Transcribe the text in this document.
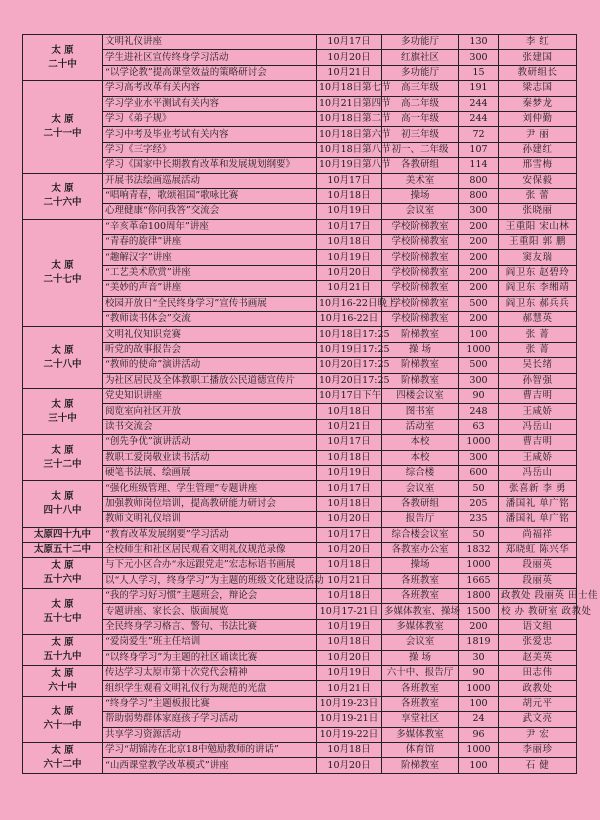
太 原
二十中	文明礼仪讲座	10月17日	多功能厅	130	李 红
	学生进社区宣传终身学习活动	10月20日	红旗社区	300	张建国
	“以学论教”提高课堂效益的策略研讨会	10月21日	多功能厅	15	教研组长

太 原
二十一中	学习高考改革有关内容	10月18日第七节	高三年级	191	梁志国
	学习学业水平测试有关内容	10月21日第四节	高二年级	244	秦梦龙
	学习《弟子规》	10月18日第二节	高一年级	244	刘仲勤
	学习中考及毕业考试有关内容	10月18日第六节	初三年级	72	尹 丽
	学习《三字经》	10月18日第八节	初一、二年级	107	孙建红
	学习《国家中长期教育改革和发展规划纲要》	10月19日第八节	各教研组	114	邢雪梅

太 原
二十六中	开展书法绘画巡展活动	10月17日	美术室	800	安保毅
	“唱响青春，歌颂祖国”歌咏比赛	10月18日	操场	800	张 蕾
	心理健康“你问我答”交流会	10月19日	会议室	300	张晓丽

太 原
二十七中	“辛亥革命100周年”讲座	10月17日	学校阶梯教室	200	王重阳 宋山林
	“青春的旋律”讲座	10月18日	学校阶梯教室	200	王重阳 郭 鹏
	“趣解汉字”讲座	10月19日	学校阶梯教室	200	窦友瑞
	“工艺美术欣赏”讲座	10月20日	学校阶梯教室	200	阎卫东 赵碧玲
	“美妙的声音”讲座	10月21日	学校阶梯教室	200	阎卫东 李缃靖
	校园开放日“全民终身学习”宣传书画展	10月16-22日晚上	学校阶梯教室	500	阎卫东 郝兵兵
	“教师读书体会”交流	10月16-22日	学校阶梯教室	200	郝慧英

太 原
二十八中	文明礼仪知识竞赛	10月18日17:25	阶梯教室	100	张 菁
	听党的故事报告会	10月19日17:25	操 场	1000	张 菁
	“教师的使命”演讲活动	10月20日17:25	阶梯教室	500	吴长绪
	为社区居民及全体教职工播放公民道德宣传片	10月20日17:25	阶梯教室	300	孙智强

太 原
三十中	党史知识讲座	10月17日下午	四楼会议室	90	曹吉明
	阅览室向社区开放	10月18日	图书室	248	王咸娇
	读书交流会	10月21日	活动室	63	冯岳山

太 原
三十二中	“创先争优”演讲活动	10月17日	本校	1000	曹吉明
	教职工爱岗敬业读书活动	10月18日	本校	300	王咸娇
	硬笔书法展、绘画展	10月19日	综合楼	600	冯岳山

太 原
四十八中	“强化班级管理、学生管理”专题讲座	10月17日	会议室	50	张喜新 李 勇
	加强教师岗位培训，提高教研能力研讨会	10月18日	各教研组	205	潘国礼 单广铭
	教师文明礼仪培训	10月20日	报告厅	235	潘国礼 单广铭

太原四十九中	“教育改革发展纲要”学习活动	10月17日	综合楼会议室	50	尚福祥

太原五十二中	全校师生和社区居民观看文明礼仪规范录像	10月20日	各教室办公室	1832	郑晓虹 陈兴华

太 原
五十六中	与下元小区合办“永远跟党走”宏志标语书画展	10月18日	操场	1000	段丽英
	以“人人学习，终身学习”为主题的班级文化建设活动	10月21日	各班教室	1665	段丽英

太 原
五十七中	“我的学习好习惯”主题班会，辩论会	10月18日	各班教室	1800	政教处 段丽英 田士佳
	专题讲座、家长会、版面展览	10月17-21日	多媒体教室、操场	1500	校 办 教研室 政教处
	全民终身学习格言、警句、书法比赛	10月19日	多媒体教室	200	语文组

太 原
五十九中	“爱岗爱生”班主任培训	10月18日	会议室	1819	张爱忠
	“以终身学习”为主题的社区诵读比赛	10月20日	操 场	30	赵美英

太 原
六十中	传达学习太原市第十次党代会精神	10月19日	六十中、报告厅	90	田志伟
	组织学生观看文明礼仪行为规范的光盘	10月21日	各班教室	1000	政教处

太 原
六十一中	“终身学习”主题板报比赛	10月19-23日	各班教室	100	胡元平
	帮助弱势群体家庭孩子学习活动	10月19-21日	享堂社区	24	武文亮
	共享学习资源活动	10月19-22日	多媒体教室	96	尹 宏

太 原
六十二中	学习“胡锦涛在北京18中勉励教师的讲话”	10月18日	体育馆	1000	李丽珍
	“山西课堂教学改革模式”讲座	10月20日	阶梯教室	100	石 健
